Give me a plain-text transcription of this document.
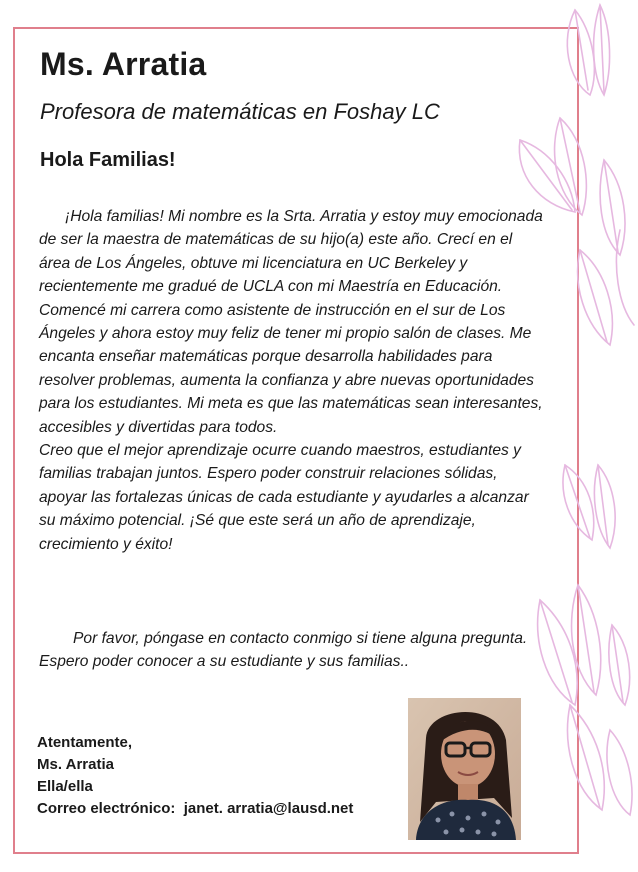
Ms. Arratia
Profesora de matemáticas en Foshay LC
Hola Familias!

¡Hola familias! Mi nombre es la Srta. Arratia y estoy muy emocionada de ser la maestra de matemáticas de su hijo(a) este año. Crecí en el área de Los Ángeles, obtuve mi licenciatura en UC Berkeley y recientemente me gradué de UCLA con mi Maestría en Educación.

Comencé mi carrera como asistente de instrucción en el sur de Los Ángeles y ahora estoy muy feliz de tener mi propio salón de clases. Me encanta enseñar matemáticas porque desarrolla habilidades para resolver problemas, aumenta la confianza y abre nuevas oportunidades para los estudiantes. Mi meta es que las matemáticas sean interesantes, accesibles y divertidas para todos.

Creo que el mejor aprendizaje ocurre cuando maestros, estudiantes y familias trabajan juntos. Espero poder construir relaciones sólidas, apoyar las fortalezas únicas de cada estudiante y ayudarles a alcanzar su máximo potencial. ¡Sé que este será un año de aprendizaje, crecimiento y éxito!

Por favor, póngase en contacto conmigo si tiene alguna pregunta. Espero poder conocer a su estudiante y sus familias..
Atentamente,
Ms. Arratia
Ella/ella
Correo electrónico: janet. arratia@lausd.net
